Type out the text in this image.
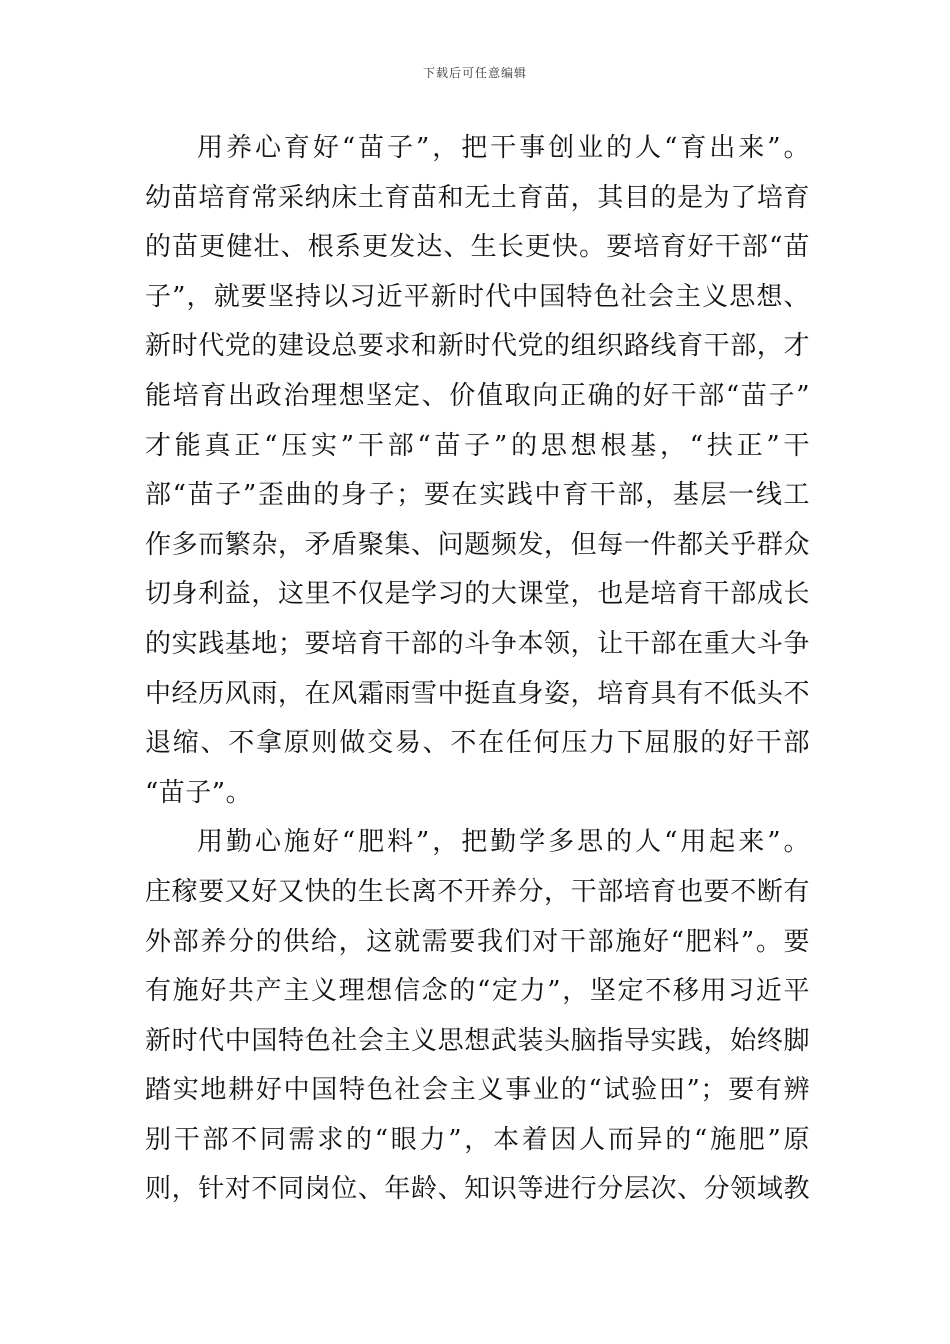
下载后可任意编辑
用养心育好“苗子”，把干事创业的人“育出来”。
幼苗培育常采纳床土育苗和无土育苗，其目的是为了培育
的苗更健壮、根系更发达、生长更快。要培育好干部“苗
子”，就要坚持以习近平新时代中国特色社会主义思想、
新时代党的建设总要求和新时代党的组织路线育干部，才
能培育出政治理想坚定、价值取向正确的好干部“苗子”
才能真正“压实”干部“苗子”的思想根基，“扶正”干
部“苗子”歪曲的身子；要在实践中育干部，基层一线工
作多而繁杂，矛盾聚集、问题频发，但每一件都关乎群众
切身利益，这里不仅是学习的大课堂，也是培育干部成长
的实践基地；要培育干部的斗争本领，让干部在重大斗争
中经历风雨，在风霜雨雪中挺直身姿，培育具有不低头不
退缩、不拿原则做交易、不在任何压力下屈服的好干部
“苗子”。
用勤心施好“肥料”，把勤学多思的人“用起来”。
庄稼要又好又快的生长离不开养分，干部培育也要不断有
外部养分的供给，这就需要我们对干部施好“肥料”。要
有施好共产主义理想信念的“定力”，坚定不移用习近平
新时代中国特色社会主义思想武装头脑指导实践，始终脚
踏实地耕好中国特色社会主义事业的“试验田”；要有辨
别干部不同需求的“眼力”，本着因人而异的“施肥”原
则，针对不同岗位、年龄、知识等进行分层次、分领域教
